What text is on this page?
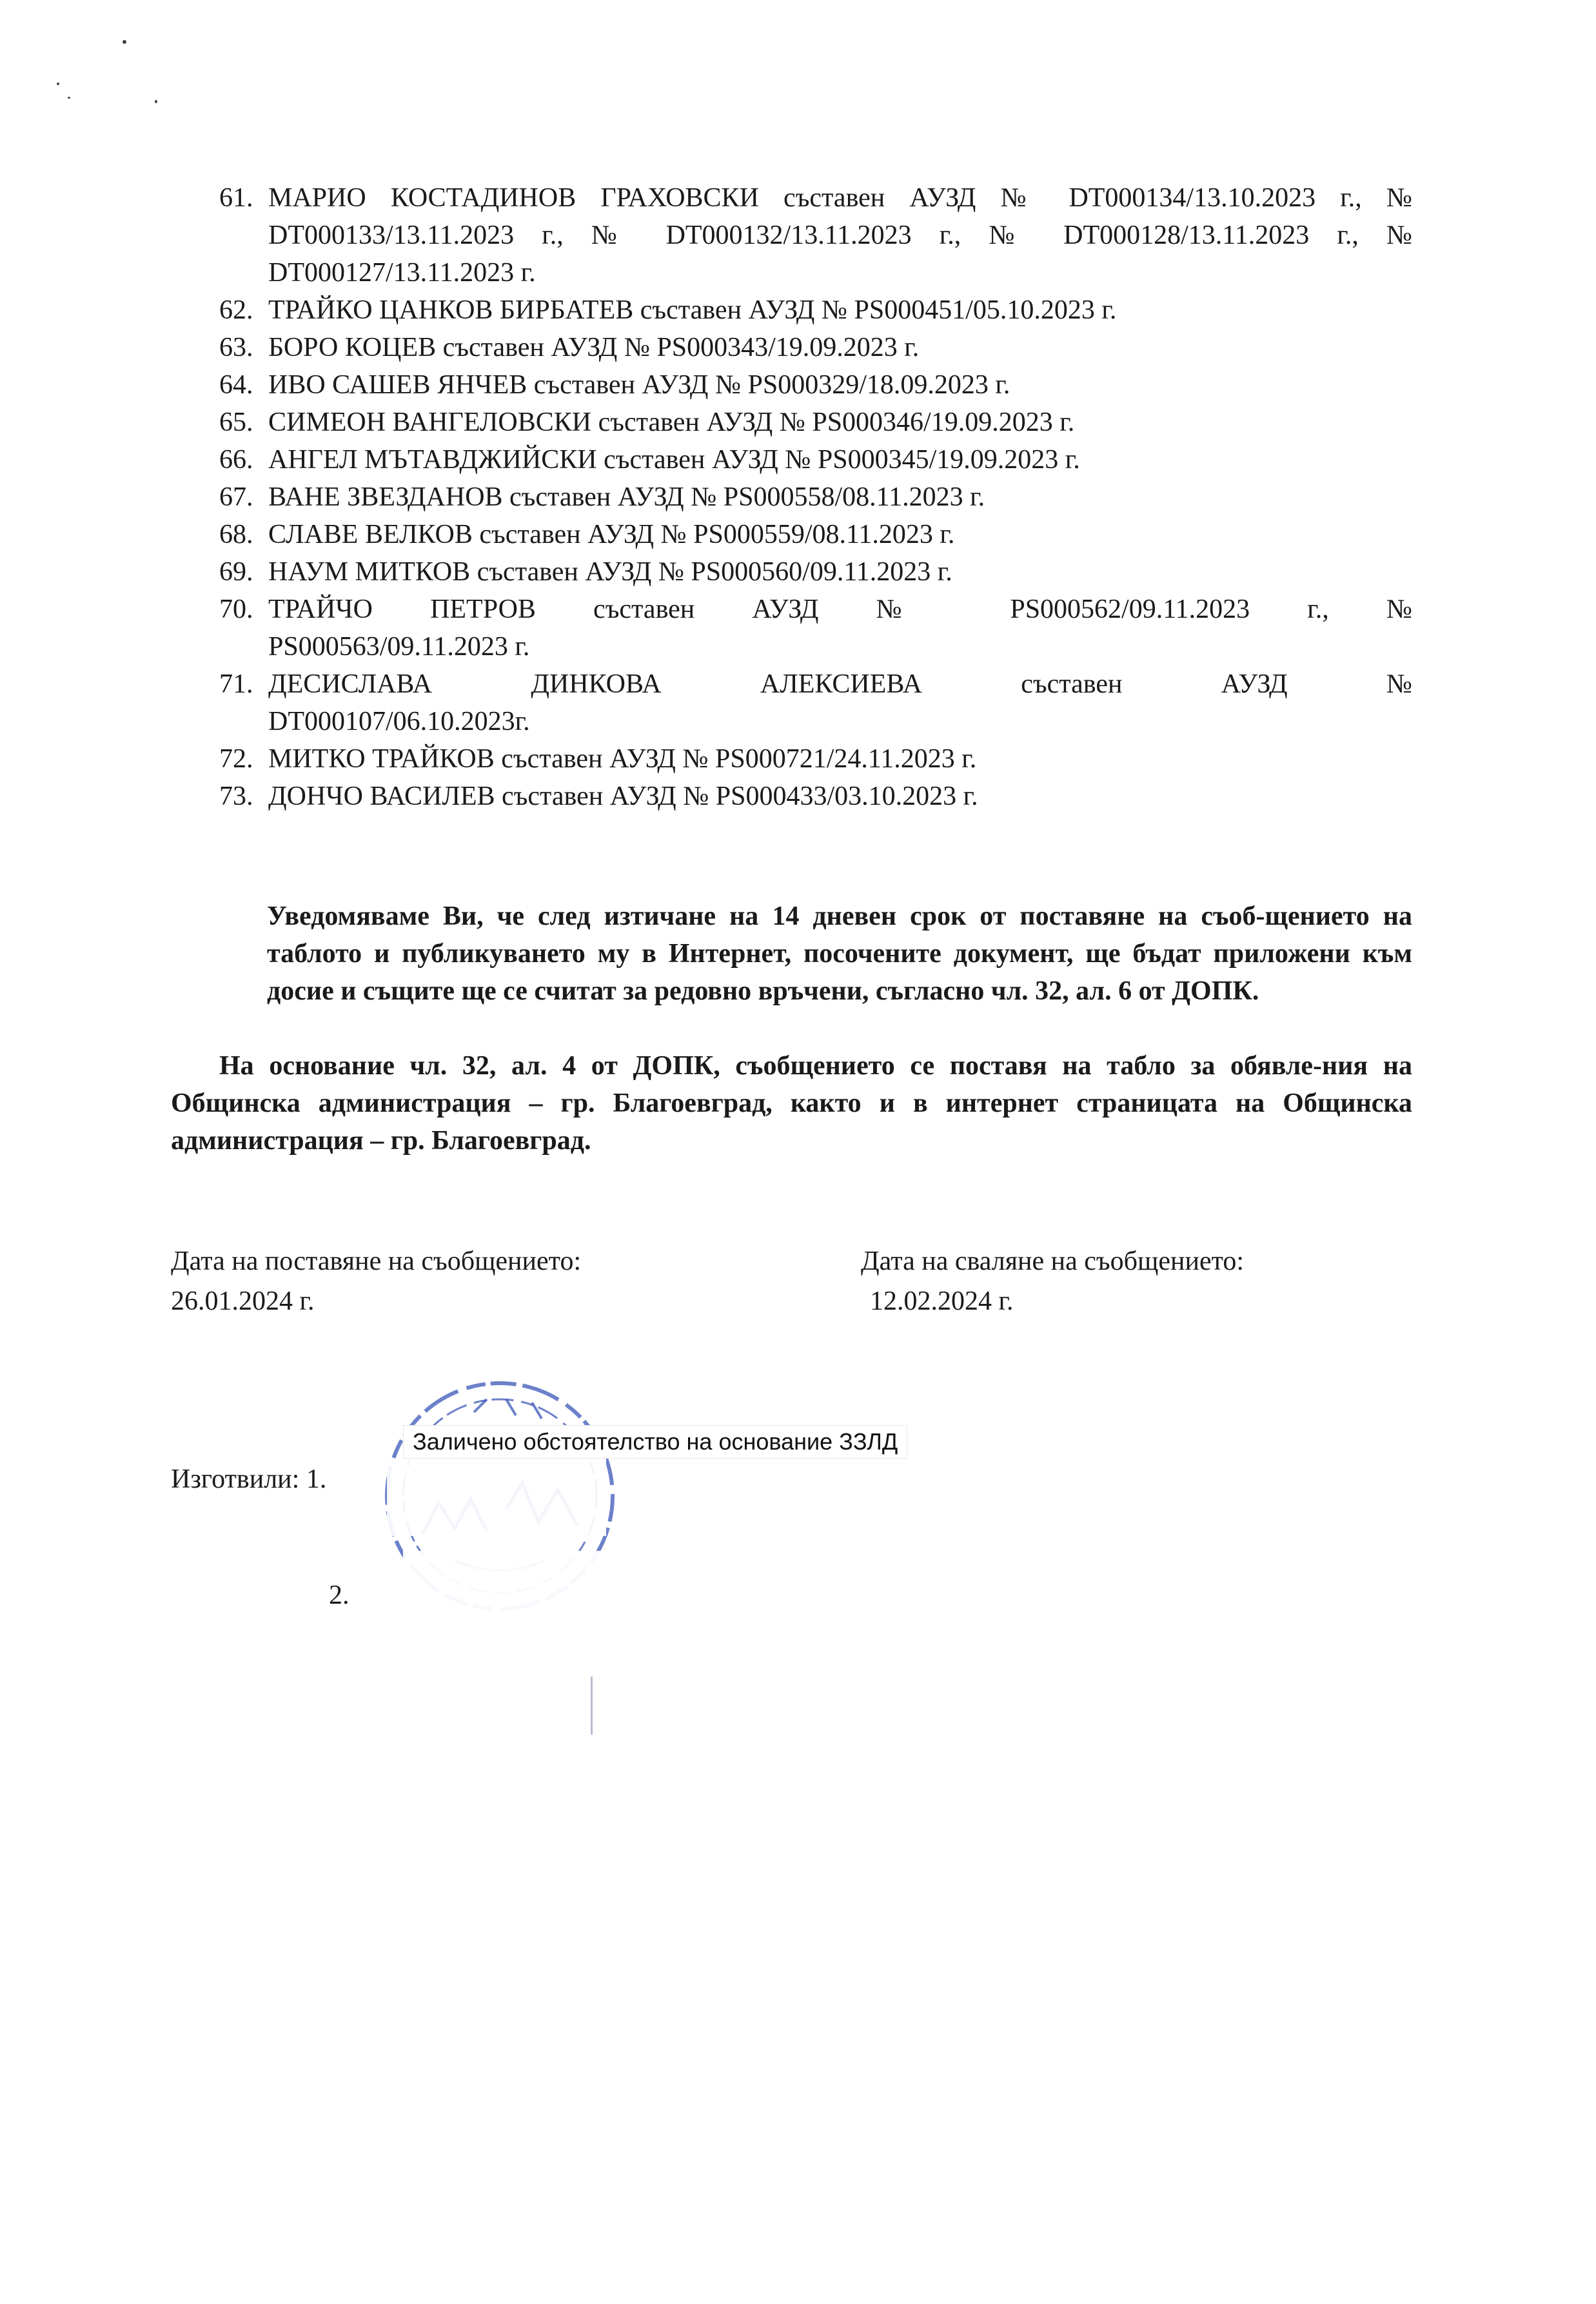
61. МАРИО КОСТАДИНОВ ГРАХОВСКИ съставен АУЗД № DT000134/13.10.2023 г., № DT000133/13.11.2023 г., № DT000132/13.11.2023 г., № DT000128/13.11.2023 г., № DT000127/13.11.2023 г.
62. ТРАЙКО ЦАНКОВ БИРБАТЕВ съставен АУЗД № PS000451/05.10.2023 г.
63. БОРО КОЦЕВ съставен АУЗД № PS000343/19.09.2023 г.
64. ИВО САШЕВ ЯНЧЕВ съставен АУЗД № PS000329/18.09.2023 г.
65. СИМЕОН ВАНГЕЛОВСКИ съставен АУЗД № PS000346/19.09.2023 г.
66. АНГЕЛ МЪТАВДЖИЙСКИ съставен АУЗД № PS000345/19.09.2023 г.
67. ВАНЕ ЗВЕЗДАНОВ съставен АУЗД № PS000558/08.11.2023 г.
68. СЛАВЕ ВЕЛКОВ съставен АУЗД № PS000559/08.11.2023 г.
69. НАУМ МИТКОВ съставен АУЗД № PS000560/09.11.2023 г.
70. ТРАЙЧО ПЕТРОВ съставен АУЗД № PS000562/09.11.2023 г., №
PS000563/09.11.2023 г.
71. ДЕСИСЛАВА ДИНКОВА АЛЕКСИЕВА съставен АУЗД №
DT000107/06.10.2023г.
72. МИТКО ТРАЙКОВ съставен АУЗД № PS000721/24.11.2023 г.
73. ДОНЧО ВАСИЛЕВ съставен АУЗД № PS000433/03.10.2023 г.
Уведомяваме Ви, че след изтичане на 14 дневен срок от поставяне на съоб-щението на таблото и публикуването му в Интернет, посочените документ, ще бъдат приложени към досие и същите ще се считат за редовно връчени, съгласно чл. 32, ал. 6 от ДОПК.
На основание чл. 32, ал. 4 от ДОПК, съобщението се поставя на табло за обявле-ния на Общинска администрация – гр. Благоевград, както и в интернет страницата на Общинска администрация – гр. Благоевград.
Дата на поставяне на съобщението:
26.01.2024 г.
Дата на сваляне на съобщението:
12.02.2024 г.
Изготвили: 1.
2.
Заличено обстоятелство на основание ЗЗЛД
